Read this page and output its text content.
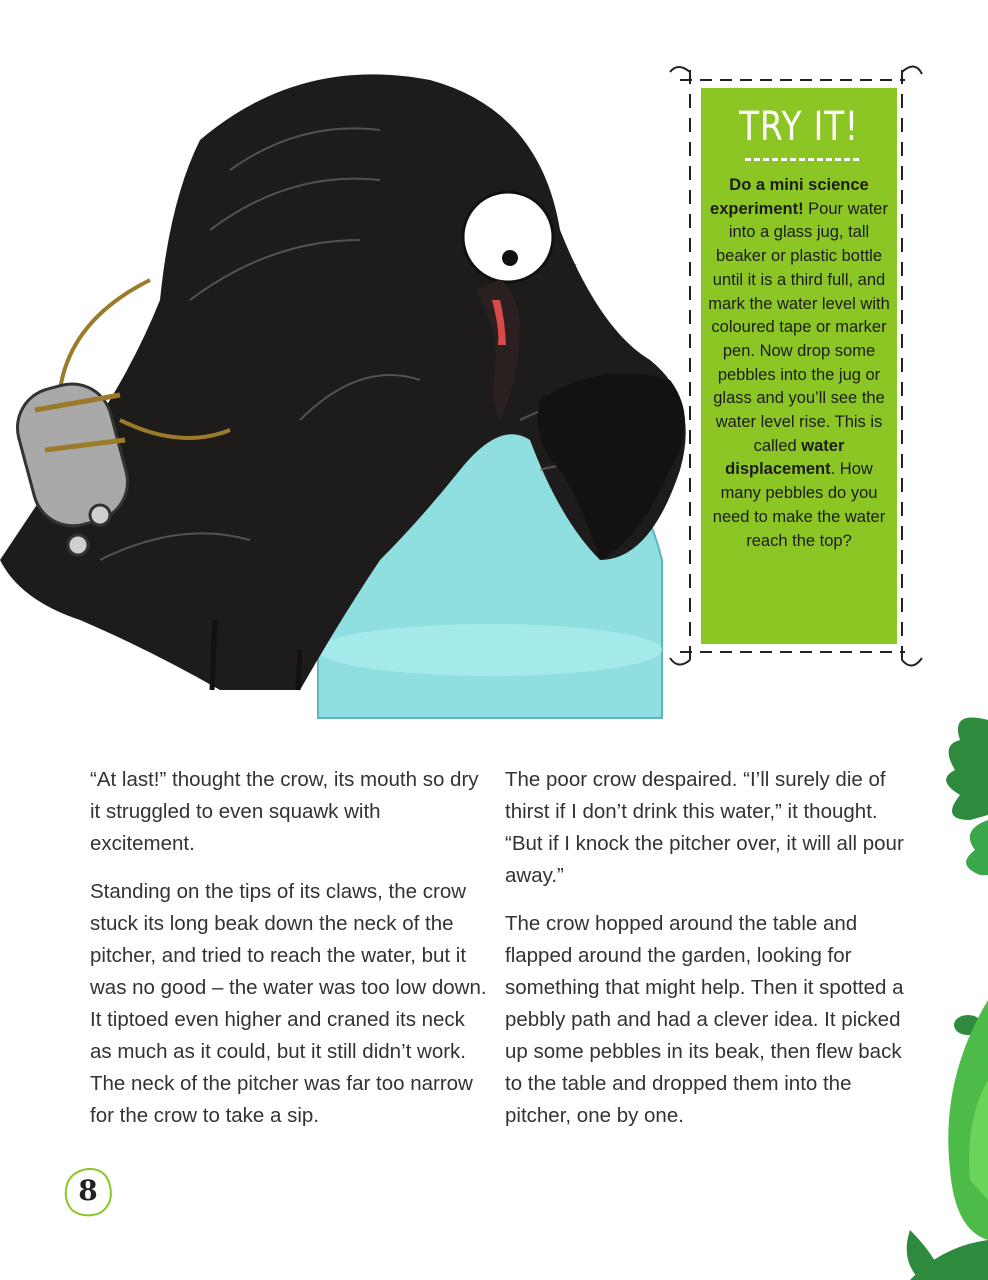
TRY IT!
Do a mini science experiment! Pour water into a glass jug, tall beaker or plastic bottle until it is a third full, and mark the water level with coloured tape or marker pen. Now drop some pebbles into the jug or glass and you’ll see the water level rise. This is called water displacement. How many pebbles do you need to make the water reach the top?

“At last!” thought the crow, its mouth so dry it struggled to even squawk with excitement.

Standing on the tips of its claws, the crow stuck its long beak down the neck of the pitcher, and tried to reach the water, but it was no good – the water was too low down. It tiptoed even higher and craned its neck as much as it could, but it still didn’t work. The neck of the pitcher was far too narrow for the crow to take a sip.

The poor crow despaired. “I’ll surely die of thirst if I don’t drink this water,” it thought. “But if I knock the pitcher over, it will all pour away.”

The crow hopped around the table and flapped around the garden, looking for something that might help. Then it spotted a pebbly path and had a clever idea. It picked up some pebbles in its beak, then flew back to the table and dropped them into the pitcher, one by one.

8
